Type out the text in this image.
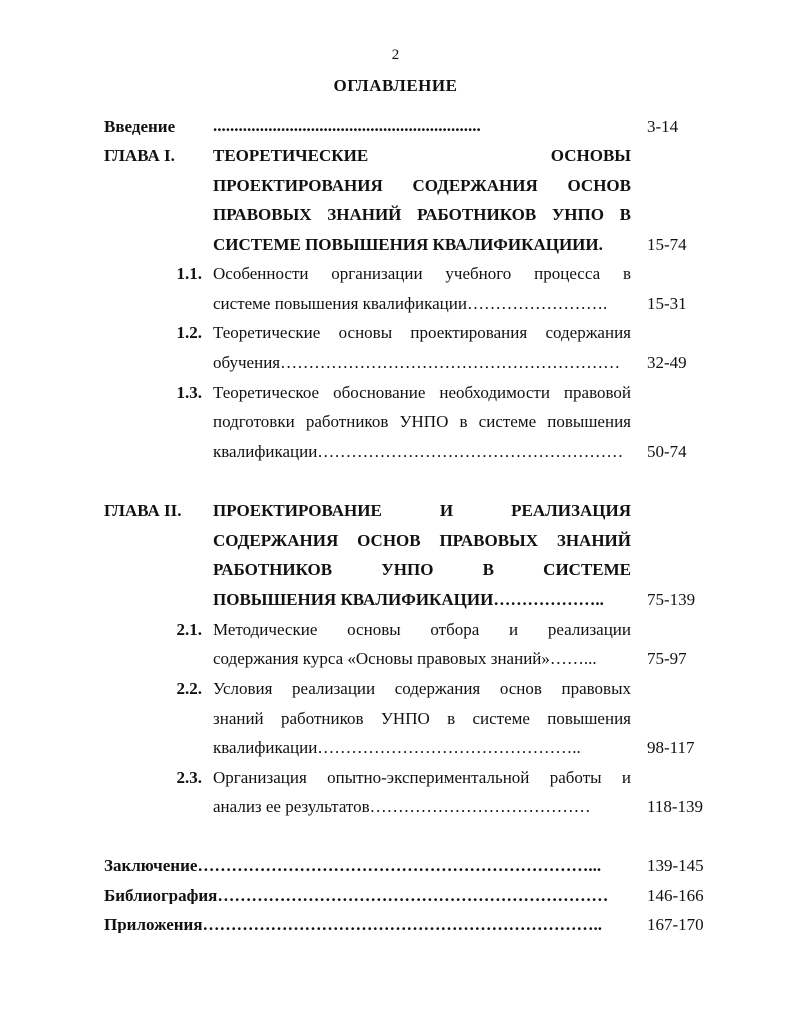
2
ОГЛАВЛЕНИЕ
Введение ...............................................................	3-14
ГЛАВА I. ТЕОРЕТИЧЕСКИЕ ОСНОВЫ
ПРОЕКТИРОВАНИЯ СОДЕРЖАНИЯ ОСНОВ
ПРАВОВЫХ ЗНАНИЙ РАБОТНИКОВ УНПО В
СИСТЕМЕ ПОВЫШЕНИЯ КВАЛИФИКАЦИИИ.	15-74
1.1. Особенности организации учебного процесса в
системе повышения квалификации……………………. 15-31
1.2. Теоретические основы проектирования содержания
обучения…………………………………………………… 32-49
1.3. Теоретическое обоснование необходимости правовой
подготовки работников УНПО в системе повышения
квалификации……………………………………………… 50-74
ГЛАВА II. ПРОЕКТИРОВАНИЕ И РЕАЛИЗАЦИЯ
СОДЕРЖАНИЯ ОСНОВ ПРАВОВЫХ ЗНАНИЙ
РАБОТНИКОВ УНПО В СИСТЕМЕ
ПОВЫШЕНИЯ КВАЛИФИКАЦИИ………………..	75-139
2.1. Методические основы отбора и реализации
содержания курса «Основы правовых знаний»……...	75-97
2.2. Условия реализации содержания основ правовых
знаний работников УНПО в системе повышения
квалификации………………………………………..	98-117
2.3. Организация опытно-экспериментальной работы и
анализ ее результатов…………………………………	118-139
Заключение……………………………………………………………...	139-145
Библиография……………………………………………………………	146-166
Приложения……………………………………………………………..	167-170
